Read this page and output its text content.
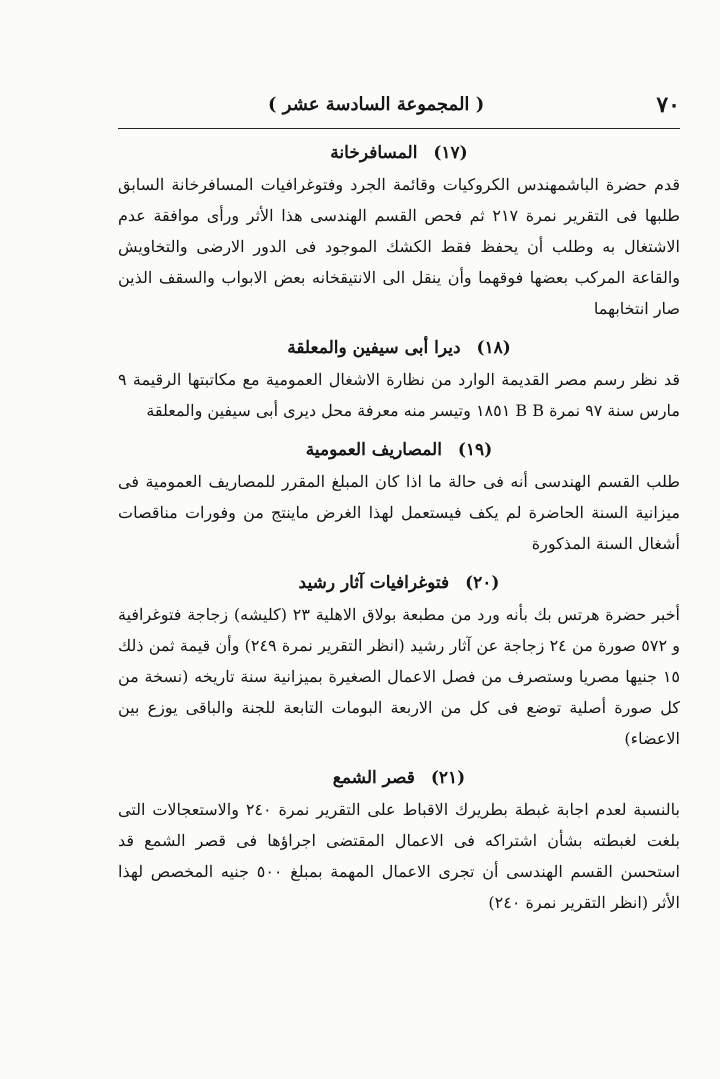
٧٠
( المجموعة السادسة عشر )
(١٧) المسافرخانة

قدم حضرة الباشمهندس الكروكيات وقائمة الجرد وفتوغرافيات المسافرخانة السابق طلبها فى التقرير نمرة ٢١٧ ثم فحص القسم الهندسى هذا الأثر ورأى موافقة عدم الاشتغال به وطلب أن يحفظ فقط الكشك الموجود فى الدور الارضى والتخاويش والقاعة المركب بعضها فوقهما وأن ينقل الى الانتيقخانه بعض الابواب والسقف الذين صار انتخابهما

(١٨) ديرا أبى سيفين والمعلقة

قد نظر رسم مصر القديمة الوارد من نظارة الاشغال العمومية مع مكاتبتها الرقيمة ٩ مارس سنة ٩٧ نمرة B B ١٨٥١ وتيسر منه معرفة محل ديرى أبى سيفين والمعلقة

(١٩) المصاريف العمومية

طلب القسم الهندسى أنه فى حالة ما اذا كان المبلغ المقرر للمصاريف العمومية فى ميزانية السنة الحاضرة لم يكف فيستعمل لهذا الغرض ماينتج من وفورات مناقصات أشغال السنة المذكورة

(٢٠) فتوغرافيات آثار رشيد

أخبر حضرة هرتس بك بأنه ورد من مطبعة بولاق الاهلية ٢٣ (كليشه) زجاجة فتوغرافية و ٥٧٢ صورة من ٢٤ زجاجة عن آثار رشيد (انظر التقرير نمرة ٢٤٩) وأن قيمة ثمن ذلك ١٥ جنيها مصريا وستصرف من فصل الاعمال الصغيرة بميزانية سنة تاريخه (نسخة من كل صورة أصلية توضع فى كل من الاربعة البومات التابعة للجنة والباقى يوزع بين الاعضاء)

(٢١) قصر الشمع

بالنسبة لعدم اجابة غبطة بطريرك الاقباط على التقرير نمرة ٢٤٠ والاستعجالات التى بلغت لغبطته بشأن اشتراكه فى الاعمال المقتضى اجراؤها فى قصر الشمع قد استحسن القسم الهندسى أن تجرى الاعمال المهمة بمبلغ ٥٠٠ جنيه المخصص لهذا الأثر (انظر التقرير نمرة ٢٤٠)
